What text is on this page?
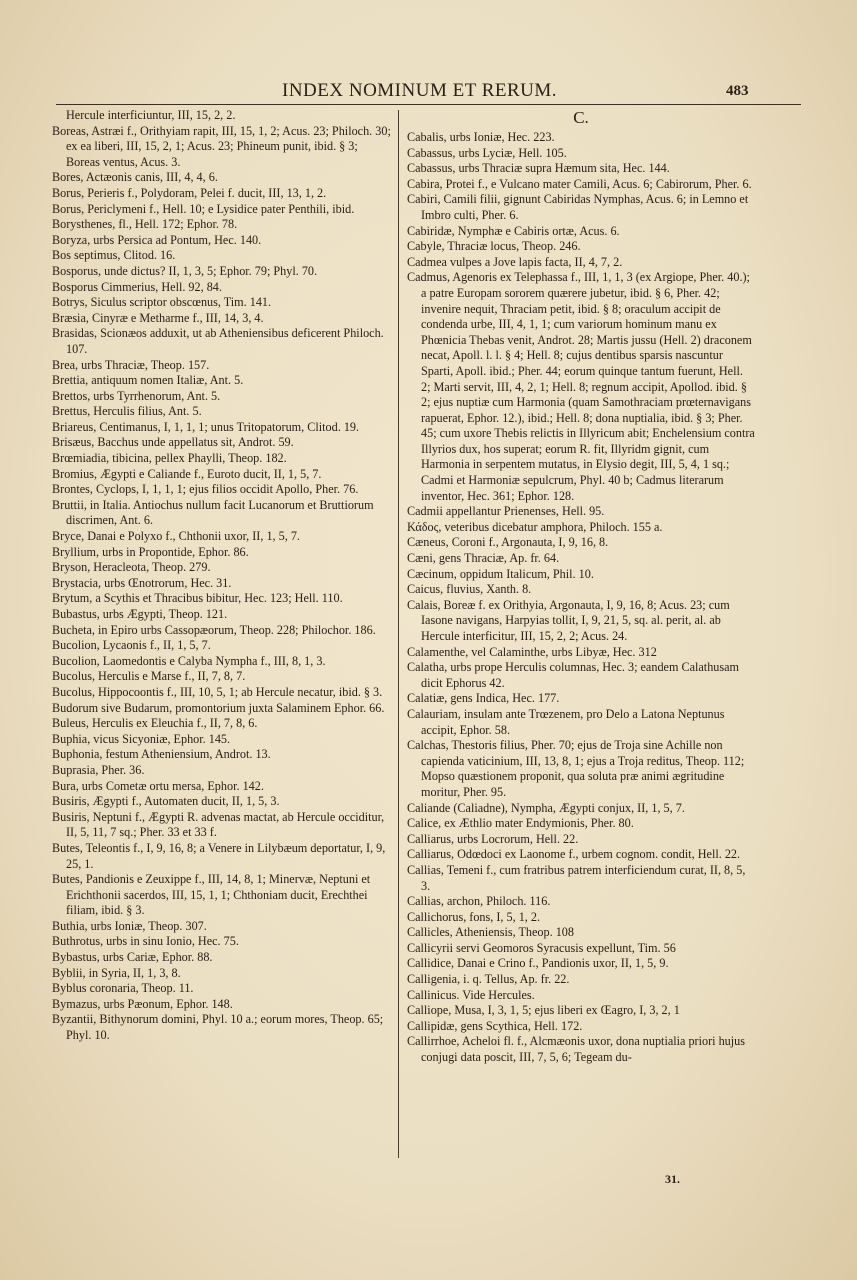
INDEX NOMINUM ET RERUM.	483

Hercule interficiuntur, III, 15, 2, 2.

Boreas, Astræi f., Orithyiam rapit, III, 15, 1, 2; Acus. 23; Philoch. 30; ex ea liberi, III, 15, 2, 1; Acus. 23; Phineum punit, ibid. § 3; Boreas ventus, Acus. 3.

Bores, Actæonis canis, III, 4, 4, 6.

Borus, Perieris f., Polydoram, Pelei f. ducit, III, 13, 1, 2.

Borus, Periclymeni f., Hell. 10; e Lysidice pater Penthili, ibid.

Borysthenes, fl., Hell. 172; Ephor. 78.

Boryza, urbs Persica ad Pontum, Hec. 140.

Bos septimus, Clitod. 16.

Bosporus, unde dictus? II, 1, 3, 5; Ephor. 79; Phyl. 70.

Bosporus Cimmerius, Hell. 92, 84.

Botrys, Siculus scriptor obscœnus, Tim. 141.

Bræsia, Cinyræ e Metharme f., III, 14, 3, 4.

Brasidas, Scionæos adduxit, ut ab Atheniensibus deficerent Philoch. 107.

Brea, urbs Thraciæ, Theop. 157.

Brettia, antiquum nomen Italiæ, Ant. 5.

Brettos, urbs Tyrrhenorum, Ant. 5.

Brettus, Herculis filius, Ant. 5.

Briareus, Centimanus, I, 1, 1, 1; unus Tritopatorum, Clitod. 19.

Brisæus, Bacchus unde appellatus sit, Androt. 59.

Brœmiadia, tibicina, pellex Phaylli, Theop. 182.

Bromius, Ægypti e Caliande f., Euroto ducit, II, 1, 5, 7.

Brontes, Cyclops, I, 1, 1, 1; ejus filios occidit Apollo, Pher. 76.

Bruttii, in Italia. Antiochus nullum facit Lucanorum et Bruttiorum discrimen, Ant. 6.

Bryce, Danai e Polyxo f., Chthonii uxor, II, 1, 5, 7.

Bryllium, urbs in Propontide, Ephor. 86.

Bryson, Heracleota, Theop. 279.

Brystacia, urbs Œnotrorum, Hec. 31.

Brytum, a Scythis et Thracibus bibitur, Hec. 123; Hell. 110.

Bubastus, urbs Ægypti, Theop. 121.

Bucheta, in Epiro urbs Cassopæorum, Theop. 228; Philochor. 186.

Bucolion, Lycaonis f., II, 1, 5, 7.

Bucolion, Laomedontis e Calyba Nympha f., III, 8, 1, 3.

Bucolus, Herculis e Marse f., II, 7, 8, 7.

Bucolus, Hippocoontis f., III, 10, 5, 1; ab Hercule necatur, ibid. § 3.

Budorum sive Budarum, promontorium juxta Salaminem Ephor. 66.

Buleus, Herculis ex Eleuchia f., II, 7, 8, 6.

Buphia, vicus Sicyoniæ, Ephor. 145.

Buphonia, festum Atheniensium, Androt. 13.

Buprasia, Pher. 36.

Bura, urbs Cometæ ortu mersa, Ephor. 142.

Busiris, Ægypti f., Automaten ducit, II, 1, 5, 3.

Busiris, Neptuni f., Ægypti R. advenas mactat, ab Hercule occiditur, II, 5, 11, 7 sq.; Pher. 33 et 33 f.

Butes, Teleontis f., I, 9, 16, 8; a Venere in Lilybæum deportatur, I, 9, 25, 1.

Butes, Pandionis e Zeuxippe f., III, 14, 8, 1; Minervæ, Neptuni et Erichthonii sacerdos, III, 15, 1, 1; Chthoniam ducit, Erechthei filiam, ibid. § 3.

Buthia, urbs Ioniæ, Theop. 307.

Buthrotus, urbs in sinu Ionio, Hec. 75.

Bybastus, urbs Cariæ, Ephor. 88.

Byblii, in Syria, II, 1, 3, 8.

Byblus coronaria, Theop. 11.

Bymazus, urbs Pæonum, Ephor. 148.

Byzantii, Bithynorum domini, Phyl. 10 a.; eorum mores, Theop. 65; Phyl. 10.

C.

Cabalis, urbs Ioniæ, Hec. 223.

Cabassus, urbs Lyciæ, Hell. 105.

Cabassus, urbs Thraciæ supra Hæmum sita, Hec. 144.

Cabira, Protei f., e Vulcano mater Camili, Acus. 6; Cabirorum, Pher. 6.

Cabiri, Camili filii, gignunt Cabiridas Nymphas, Acus. 6; in Lemno et Imbro culti, Pher. 6.

Cabiridæ, Nymphæ e Cabiris ortæ, Acus. 6.

Cabyle, Thraciæ locus, Theop. 246.

Cadmea vulpes a Jove lapis facta, II, 4, 7, 2.

Cadmus, Agenoris ex Telephassa f., III, 1, 1, 3 (ex Argiope, Pher. 40.); a patre Europam sororem quærere jubetur, ibid. § 6, Pher. 42; invenire nequit, Thraciam petit, ibid. § 8; oraculum accipit de condenda urbe, III, 4, 1, 1; cum variorum hominum manu ex Phœnicia Thebas venit, Androt. 28; Martis jussu (Hell. 2) draconem necat, Apoll. l. l. § 4; Hell. 8; cujus dentibus sparsis nascuntur Sparti, Apoll. ibid.; Pher. 44; eorum quinque tantum fuerunt, Hell. 2; Marti servit, III, 4, 2, 1; Hell. 8; regnum accipit, Apollod. ibid. § 2; ejus nuptiæ cum Harmonia (quam Samothraciam prœternavigans rapuerat, Ephor. 12.), ibid.; Hell. 8; dona nuptialia, ibid. § 3; Pher. 45; cum uxore Thebis relictis in Illyricum abit; Enchelensium contra Illyrios dux, hos superat; eorum R. fit, Illyridm gignit, cum Harmonia in serpentem mutatus, in Elysio degit, III, 5, 4, 1 sq.; Cadmi et Harmoniæ sepulcrum, Phyl. 40 b; Cadmus literarum inventor, Hec. 361; Ephor. 128.

Cadmii appellantur Prienenses, Hell. 95.

Κάδος, veteribus dicebatur amphora, Philoch. 155 a.

Cæneus, Coroni f., Argonauta, I, 9, 16, 8.

Cæni, gens Thraciæ, Ap. fr. 64.

Cæcinum, oppidum Italicum, Phil. 10.

Caicus, fluvius, Xanth. 8.

Calais, Boreæ f. ex Orithyia, Argonauta, I, 9, 16, 8; Acus. 23; cum Iasone navigans, Harpyias tollit, I, 9, 21, 5, sq. al. perit, al. ab Hercule interficitur, III, 15, 2, 2; Acus. 24.

Calamenthe, vel Calaminthe, urbs Libyæ, Hec. 312

Calatha, urbs prope Herculis columnas, Hec. 3; eandem Calathusam dicit Ephorus 42.

Calatiæ, gens Indica, Hec. 177.

Calauriam, insulam ante Trœzenem, pro Delo a Latona Neptunus accipit, Ephor. 58.

Calchas, Thestoris filius, Pher. 70; ejus de Troja sine Achille non capienda vaticinium, III, 13, 8, 1; ejus a Troja reditus, Theop. 112; Mopso quæstionem proponit, qua soluta præ animi ægritudine moritur, Pher. 95.

Caliande (Caliadne), Nympha, Ægypti conjux, II, 1, 5, 7.

Calice, ex Æthlio mater Endymionis, Pher. 80.

Calliarus, urbs Locrorum, Hell. 22.

Calliarus, Odœdoci ex Laonome f., urbem cognom. condit, Hell. 22.

Callias, Temeni f., cum fratribus patrem interficiendum curat, II, 8, 5, 3.

Callias, archon, Philoch. 116.

Callichorus, fons, I, 5, 1, 2.

Callicles, Atheniensis, Theop. 108

Callicyrii servi Geomoros Syracusis expellunt, Tim. 56

Callidice, Danai e Crino f., Pandionis uxor, II, 1, 5, 9.

Calligenia, i. q. Tellus, Ap. fr. 22.

Callinicus. Vide Hercules.

Calliope, Musa, I, 3, 1, 5; ejus liberi ex Œagro, I, 3, 2, 1

Callipidæ, gens Scythica, Hell. 172.

Callirrhoe, Acheloi fl. f., Alcmæonis uxor, dona nuptialia priori hujus conjugi data poscit, III, 7, 5, 6; Tegeam du-

31.
